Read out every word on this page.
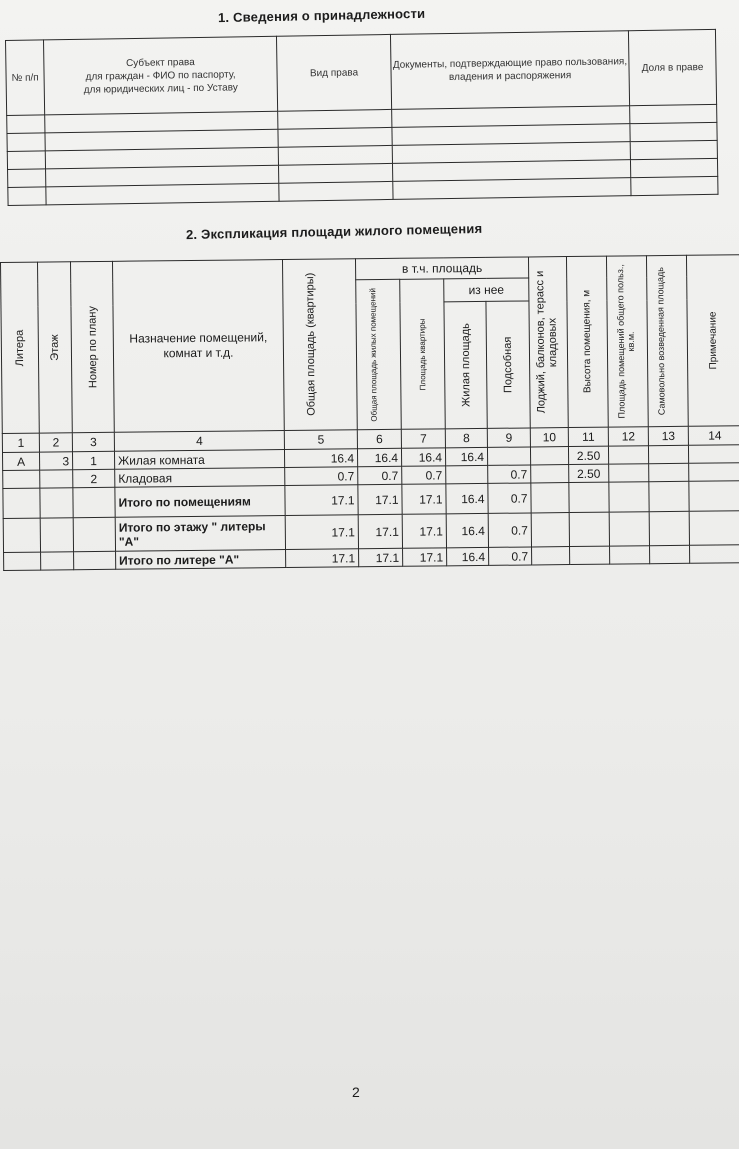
1. Сведения о принадлежности
№ п/п	Субъект права
для граждан - ФИО по паспорту,
для юридических лиц - по Уставу	Вид права	Документы, подтверждающие право пользования, владения и распоряжения	Доля в праве

2. Экспликация площади жилого помещения
Литера	Этаж	Номер по плану	Назначение помещений, комнат и т.д.	Общая площадь (квартиры)	в т.ч. площадь				Лоджий, балконов, терасс и кладовых	Высота помещения, м	Площадь помещений общего польз., кв.м.	Самовольно возведенная площадь	Примечание

					Общая площадь жилых помещений	Площадь квартиры	из нее						

							Жилая площадь	Подсобная					

1	2	3	4	5	6	7	8	9	10	11	12	13	14
А	3	1	Жилая комната	16.4	16.4	16.4	16.4			2.50			
		2	Кладовая	0.7	0.7	0.7		0.7		2.50			
			Итого по помещениям	17.1	17.1	17.1	16.4	0.7					
			Итого по этажу " литеры "А"	17.1	17.1	17.1	16.4	0.7					
			Итого по литере "А"	17.1	17.1	17.1	16.4	0.7					
2
